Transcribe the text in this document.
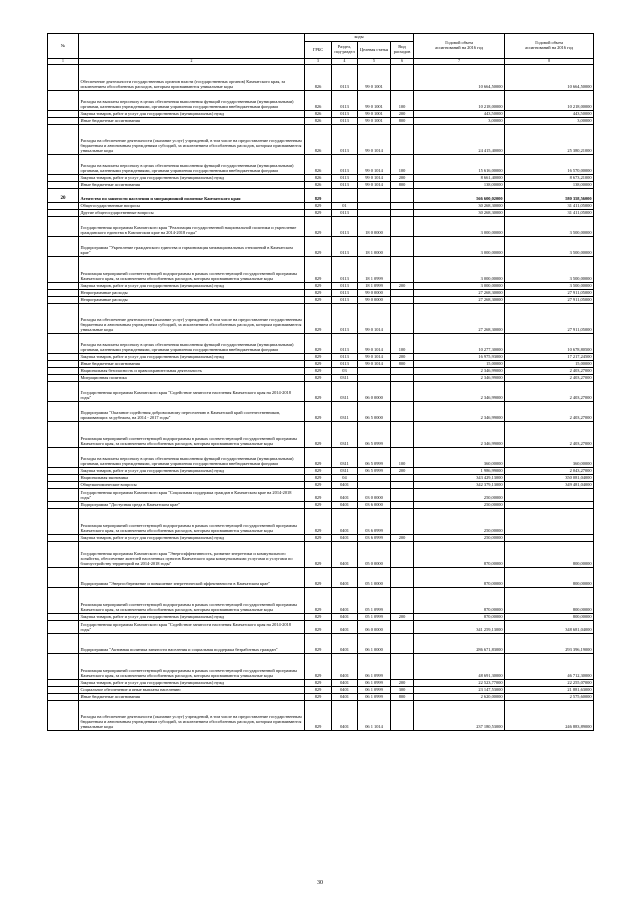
№		коды				Годовой объем
ассигнований на 2016 год	Годовой объем
ассигнований на 2016 год
		ГРБС	Раздел, под-раздел	Целевая статья	Вид расходов		
1	2	3	4	5	6	7	8
	Обеспечение деятельности государственных органов власти (государственных органов) Камчатского края, за исключением обособленных расходов, которым присваиваются уникальные коды	826	0113	99 0 1001		10 664,50000	10 664,50000
	Расходы на выплаты персоналу в целях обеспечения выполнения функций государственными (муниципальными) органами, казенными учреждениями, органами управления государственными внебюджетными фондами	826	0113	99 0 1001	100	10 218,00000	10 218,00000
	Закупка товаров, работ и услуг для государственных (муниципальных) нужд	826	0113	99 0 1001	200	443,50000	443,50000
	Иные бюджетные ассигнования	826	0113	99 0 1001	800	3,00000	3,00000
	Расходы на обеспечение деятельности (оказание услуг) учреждений, в том числе на предоставление государственным бюджетным и автономным учреждениям субсидий, за исключением обособленных расходов, которым присваиваются уникальные коды	826	0113	99 0 1014		24 415,40000	25 380,21000
	Расходы на выплаты персоналу в целях обеспечения выполнения функций государственными (муниципальными) органами, казенными учреждениями, органами управления государственными внебюджетными фондами	826	0113	99 0 1014	100	15 616,00000	16 570,00000
	Закупка товаров, работ и услуг для государственных (муниципальных) нужд	826	0113	99 0 1014	200	8 661,40000	8 673,21000
	Иные бюджетные ассигнования	826	0113	99 0 1014	800	138,00000	138,00000
20	Агентство по занятости населения и миграционной политике Камчатского края	829				566 600,02000	580 358,56000
	Общегосударственные вопросы	829	01			30 268,30000	31 411,05000
	Другие общегосударственные вопросы	829	0113			30 268,30000	31 411,05000
	Государственная программа Камчатского края "Реализация государственной национальной политики и укрепление гражданского единства в Камчатском крае на 2014-2018 годы"	829	0113	18 0 0000		3 000,00000	3 500,00000
	Подпрограмма "Укрепление гражданского единства и гармонизация межнациональных отношений в Камчатском крае"	829	0113	18 1 0000		3 000,00000	3 500,00000
	Реализация мероприятий соответствующей подпрограммы в рамках соответствующей государственной программы Камчатского края, за исключением обособленных расходов, которым присваиваются уникальные коды	829	0113	18 1 0999		3 000,00000	3 500,00000
	Закупка товаров, работ и услуг для государственных (муниципальных) нужд	829	0113	18 1 0999	200	3 000,00000	3 500,00000
	Непрограммные расходы	829	0113	99 0 0000		27 268,30000	27 911,05000
	Непрограммные расходы	829	0113	99 0 0000		27 268,30000	27 911,05000
	Расходы на обеспечение деятельности (оказание услуг) учреждений, в том числе на предоставление государственным бюджетным и автономным учреждениям субсидий, за исключением обособленных расходов, которым присваиваются уникальные коды	829	0113	99 0 1014		27 268,30000	27 911,05000
	Расходы на выплаты персоналу в целях обеспечения выполнения функций государственными (муниципальными) органами, казенными учреждениями, органами управления государственными внебюджетными фондами	829	0113	99 0 1014	100	10 277,30000	10 678,80500
	Закупка товаров, работ и услуг для государственных (муниципальных) нужд	829	0113	99 0 1014	200	16 975,93000	17 217,24500
	Иные бюджетные ассигнования	829	0113	99 0 1014	800	15,00000	15,00000
	Национальная безопасность и правоохранительная деятельность	829	03			2 346,99000	2 403,27000
	Миграционная политика	829	0311			2 346,99000	2 403,27000
	Государственная программа Камчатского края "Содействие занятости населения Камчатского края на 2014-2018 годы"	829	0311	06 0 0000		2 346,99000	2 403,27000
	Подпрограмма "Оказание содействия добровольному переселению в Камчатский край соотечественников, проживающих за рубежом, на 2014 - 2017 годы"	829	0311	06 5 0000		2 346,99000	2 403,27000
	Реализация мероприятий соответствующей подпрограммы в рамках соответствующей государственной программы Камчатского края, за исключением обособленных расходов, которым присваиваются уникальные коды	829	0311	06 5 0999		2 346,99000	2 403,27000
	Расходы на выплаты персоналу в целях обеспечения выполнения функций государственными (муниципальными) органами, казенными учреждениями, органами управления государственными внебюджетными фондами	829	0311	06 5 0999	100	360,00000	360,00000
	Закупка товаров, работ и услуг для государственных (муниципальных) нужд	829	0311	06 5 0999	200	1 986,99000	2 043,27000
	Национальная экономика	829	04			343 429,13000	350 081,04000
	Общеэкономические вопросы	829	0401			342 379,13000	349 481,04000
	Государственная программа Камчатского края "Социальная поддержка граждан в Камчатском крае на 2014-2018 годы"	829	0401	03 0 0000		250,00000	
	Подпрограмма "Доступная среда в Камчатском крае"	829	0401	03 6 0000		250,00000	
	Реализация мероприятий соответствующей подпрограммы в рамках соответствующей государственной программы Камчатского края, за исключением обособленных расходов, которым присваиваются уникальные коды	829	0401	03 6 0999		250,00000	
	Закупка товаров, работ и услуг для государственных (муниципальных) нужд	829	0401	03 6 0999	200	250,00000	
	Государственная программа Камчатского края "Энергоэффективность, развитие энергетики и коммунального хозяйства, обеспечение жителей населенных пунктов Камчатского края коммунальными услугами и услугами по благоустройству территорий на 2014-2018 годы"	829	0401	05 0 0000		870,00000	800,00000
	Подпрограмма "Энергосбережение и повышение энергетической эффективности в Камчатском крае"	829	0401	05 1 0000		870,00000	800,00000
	Реализация мероприятий соответствующей подпрограммы в рамках соответствующей государственной программы Камчатского края, за исключением обособленных расходов, которым присваиваются уникальные коды	829	0401	05 1 0999		870,00000	800,00000
	Закупка товаров, работ и услуг для государственных (муниципальных) нужд	829	0401	05 1 0999	200	870,00000	800,00000
	Государственная программа Камчатского края "Содействие занятости населения Камчатского края на 2014-2018 годы"	829	0401	06 0 0000		341 259,13000	348 681,04000
	Подпрограмма "Активная политика занятости населения и социальная поддержка безработных граждан"	829	0401	06 1 0000		286 671,83000	293 396,19000
	Реализация мероприятий соответствующей подпрограммы в рамках соответствующей государственной программы Камчатского края, за исключением обособленных расходов, которым присваиваются уникальные коды	829	0401	06 1 0999		48 691,30000	46 712,30000
	Закупка товаров, работ и услуг для государственных (муниципальных) нужд	829	0401	06 1 0999	200	22 523,77000	22 255,07000
	Социальное обеспечение и иные выплаты населению	829	0401	06 1 0999	300	23 147,53000	21 881,63000
	Иные бюджетные ассигнования	829	0401	06 1 0999	800	2 620,00000	2 575,60000
	Расходы на обеспечение деятельности (оказание услуг) учреждений, в том числе на предоставление государственным бюджетным и автономным учреждениям субсидий, за исключением обособленных расходов, которым присваиваются уникальные коды	829	0401	06 1 1014		237 180,53000	246 883,89000
30
